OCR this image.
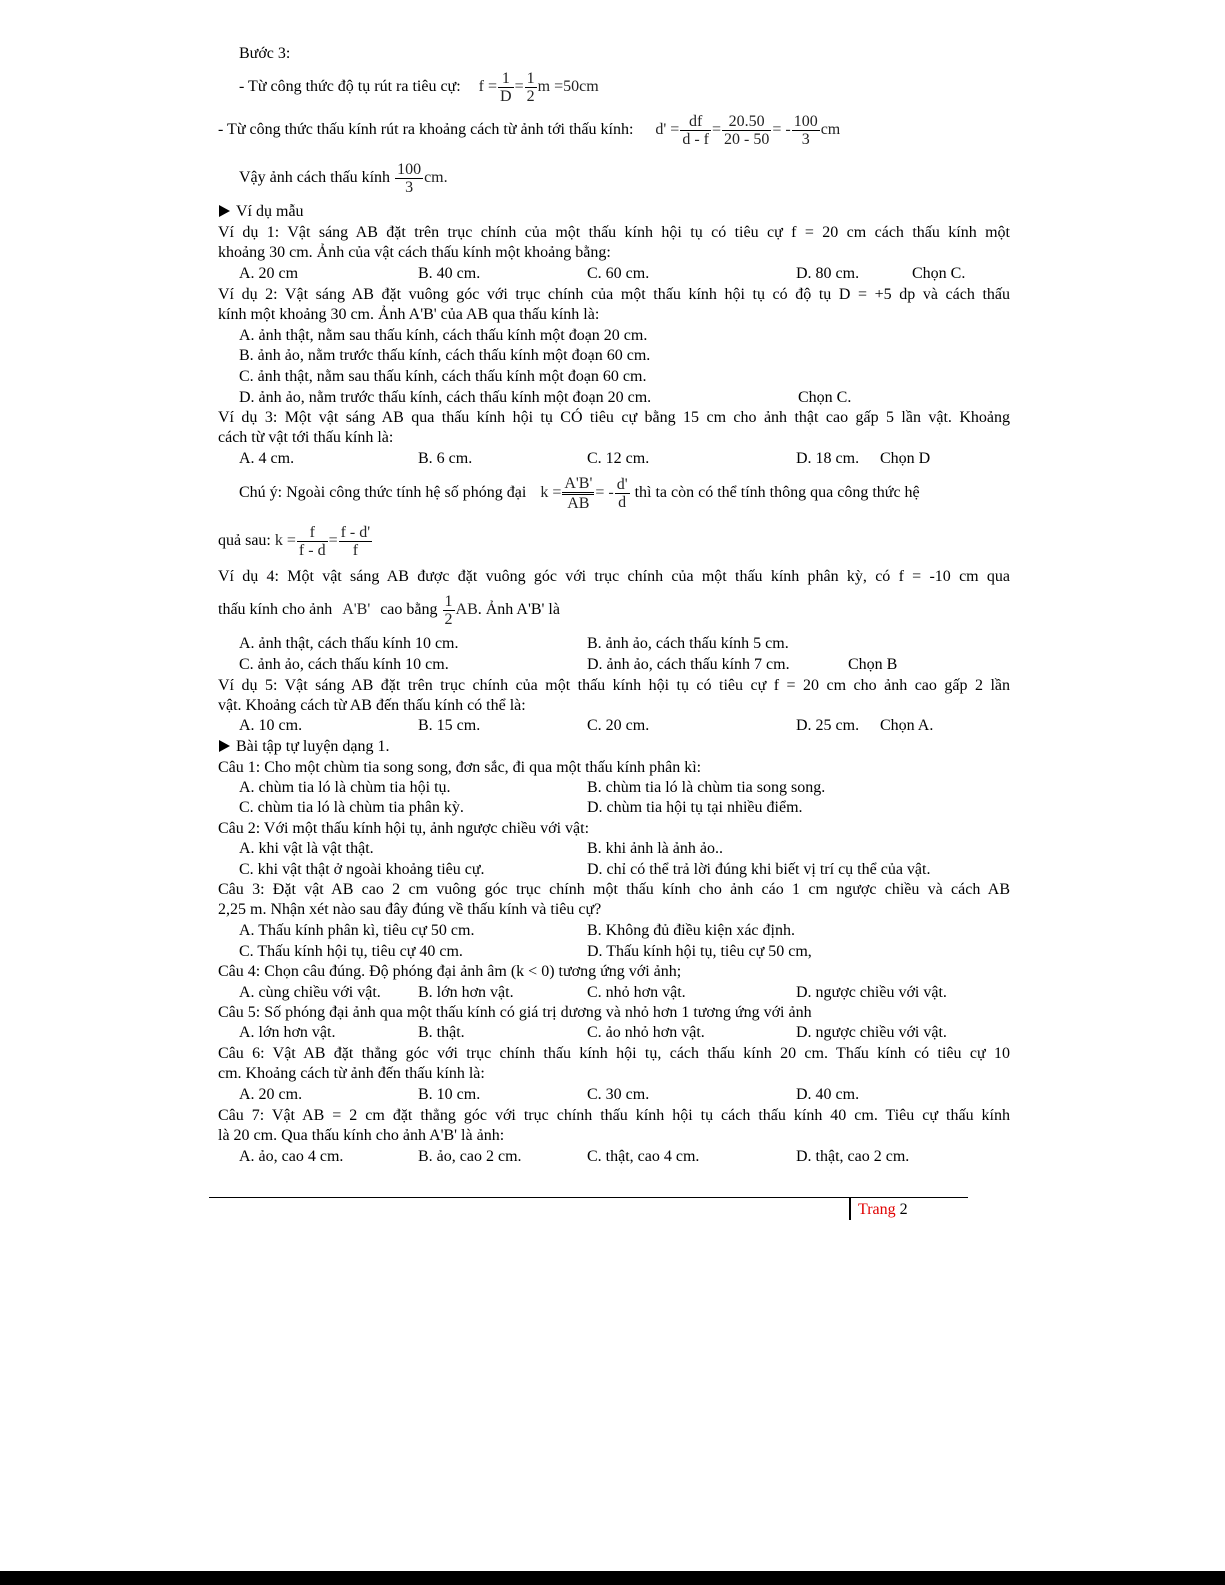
Bước 3:
- Từ công thức độ tụ rút ra tiêu cự: $f = \frac{1}{D} = \frac{1}{2}$ m =50cm
- Từ công thức thấu kính rút ra khoảng cách từ ảnh tới thấu kính: $d' = \frac{df}{d - f} = \frac{20.50}{20 - 50}$ = - $\frac{100}{3}$ cm
Vậy ảnh cách thấu kính $\frac{100}{3}$ cm.
Ví dụ mẫu
Ví dụ 1: Vật sáng AB đặt trên trục chính của một thấu kính hội tụ có tiêu cự f = 20 cm cách thấu kính một
khoảng 30 cm. Ảnh của vật cách thấu kính một khoảng bằng:
A. 20 cm	B. 40 cm.	C. 60 cm.	D. 80 cm.	Chọn C.
Ví dụ 2: Vật sáng AB đặt vuông góc với trục chính của một thấu kính hội tụ có độ tụ D = +5 dp và cách thấu
kính một khoảng 30 cm. Ảnh A'B' của AB qua thấu kính là:
A. ảnh thật, nằm sau thấu kính, cách thấu kính một đoạn 20 cm.
B. ảnh ảo, nằm trước thấu kính, cách thấu kính một đoạn 60 cm.
C. ảnh thật, nằm sau thấu kính, cách thấu kính một đoạn 60 cm.
D. ảnh ảo, nằm trước thấu kính, cách thấu kính một đoạn 20 cm.	Chọn C.
Ví dụ 3: Một vật sáng AB qua thấu kính hội tụ CÓ tiêu cự bằng 15 cm cho ảnh thật cao gấp 5 lần vật. Khoảng
cách từ vật tới thấu kính là:
A. 4 cm.	B. 6 cm.	C. 12 cm.	D. 18 cm. Chọn D
Chú ý: Ngoài công thức tính hệ số phóng đại $k = \frac{A'B'}{AB}$ = - $\frac{d'}{d}$ thì ta còn có thể tính thông qua công thức hệ
quả sau: $k = \frac{f}{f - d} = \frac{f - d'}{f}$
Ví dụ 4: Một vật sáng AB được đặt vuông góc với trục chính của một thấu kính phân kỳ, có f = -10 cm qua
thấu kính cho ảnh A'B' cao bằng $\frac{1}{2}$ AB. Ảnh A'B' là
A. ảnh thật, cách thấu kính 10 cm.	B. ảnh ảo, cách thấu kính 5 cm.
C. ảnh ảo, cách thấu kính 10 cm.	D. ảnh ảo, cách thấu kính 7 cm.	Chọn B
Ví dụ 5: Vật sáng AB đặt trên trục chính của một thấu kính hội tụ có tiêu cự f = 20 cm cho ảnh cao gấp 2 lần
vật. Khoảng cách từ AB đến thấu kính có thể là:
A. 10 cm.	B. 15 cm.	C. 20 cm.	D. 25 cm. Chọn A.
Bài tập tự luyện dạng 1.
Câu 1: Cho một chùm tia song song, đơn sắc, đi qua một thấu kính phân kì:
A. chùm tia ló là chùm tia hội tụ.	B. chùm tia ló là chùm tia song song.
C. chùm tia ló là chùm tia phân kỳ.	D. chùm tia hội tụ tại nhiều điểm.
Câu 2: Với một thấu kính hội tụ, ảnh ngược chiều với vật:
A. khi vật là vật thật.	B. khi ảnh là ảnh ảo..
C. khi vật thật ở ngoài khoảng tiêu cự.	D. chỉ có thể trả lời đúng khi biết vị trí cụ thể của vật.
Câu 3: Đặt vật AB cao 2 cm vuông góc trục chính một thấu kính cho ảnh cáo 1 cm ngược chiều và cách AB
2,25 m. Nhận xét nào sau đây đúng về thấu kính và tiêu cự?
A. Thấu kính phân kì, tiêu cự 50 cm.	B. Không đủ điều kiện xác định.
C. Thấu kính hội tụ, tiêu cự 40 cm.	D. Thấu kính hội tụ, tiêu cự 50 cm,
Câu 4: Chọn câu đúng. Độ phóng đại ảnh âm (k < 0) tương ứng với ảnh;
A. cùng chiều với vật. B. lớn hơn vật.	C. nhỏ hơn vật.	D. ngược chiều với vật.
Câu 5: Số phóng đại ảnh qua một thấu kính có giá trị dương và nhỏ hơn 1 tương ứng với ảnh
A. lớn hơn vật.	B. thật.	C. ảo nhỏ hơn vật.	D. ngược chiều với vật.
Câu 6: Vật AB đặt thẳng góc với trục chính thấu kính hội tụ, cách thấu kính 20 cm. Thấu kính có tiêu cự 10
cm. Khoảng cách từ ảnh đến thấu kính là:
A. 20 cm.	B. 10 cm.	C. 30 cm.	D. 40 cm.
Câu 7: Vật AB = 2 cm đặt thẳng góc với trục chính thấu kính hội tụ cách thấu kính 40 cm. Tiêu cự thấu kính
là 20 cm. Qua thấu kính cho ảnh A'B' là ảnh:
A. ảo, cao 4 cm.	B. ảo, cao 2 cm.	C. thật, cao 4 cm.	D. thật, cao 2 cm.
Trang 2
